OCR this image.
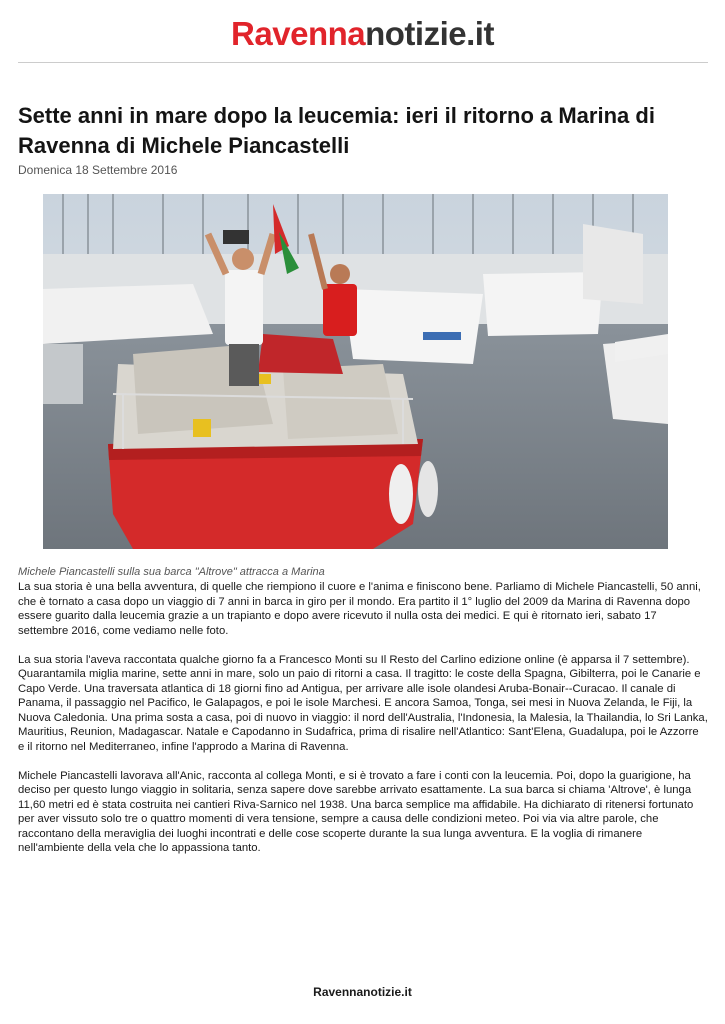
Ravennanotizie.it
Sette anni in mare dopo la leucemia: ieri il ritorno a Marina di Ravenna di Michele Piancastelli
Domenica 18 Settembre 2016
Michele Piancastelli sulla sua barca "Altrove" attracca a Marina

La sua storia è una bella avventura, di quelle che riempiono il cuore e l'anima e finiscono bene. Parliamo di Michele Piancastelli, 50 anni, che è tornato a casa dopo un viaggio di 7 anni in barca in giro per il mondo. Era partito il 1° luglio del 2009 da Marina di Ravenna dopo essere guarito dalla leucemia grazie a un trapianto e dopo avere ricevuto il nulla osta dei medici. E qui è ritornato ieri, sabato 17 settembre 2016, come vediamo nelle foto.

La sua storia l'aveva raccontata qualche giorno fa a Francesco Monti su Il Resto del Carlino edizione online (è apparsa il 7 settembre).

Quarantamila miglia marine, sette anni in mare, solo un paio di ritorni a casa. Il tragitto: le coste della Spagna, Gibilterra, poi le Canarie e Capo Verde. Una traversata atlantica di 18 giorni fino ad Antigua, per arrivare alle isole olandesi Aruba-Bonair--Curacao. Il canale di Panama, il passaggio nel Pacifico, le Galapagos, e poi le isole Marchesi. E ancora Samoa, Tonga, sei mesi in Nuova Zelanda, le Fiji, la Nuova Caledonia. Una prima sosta a casa, poi di nuovo in viaggio: il nord dell'Australia, l'Indonesia, la Malesia, la Thailandia, lo Sri Lanka, Mauritius, Reunion, Madagascar. Natale e Capodanno in Sudafrica, prima di risalire nell'Atlantico: Sant'Elena, Guadalupa, poi le Azzorre e il ritorno nel Mediterraneo, infine l'approdo a Marina di Ravenna.

Michele Piancastelli lavorava all'Anic, racconta al collega Monti, e si è trovato a fare i conti con la leucemia. Poi, dopo la guarigione, ha deciso per questo lungo viaggio in solitaria, senza sapere dove sarebbe arrivato esattamente. La sua barca si chiama 'Altrove', è lunga 11,60 metri ed è stata costruita nei cantieri Riva-Sarnico nel 1938. Una barca semplice ma affidabile. Ha dichiarato di ritenersi fortunato per aver vissuto solo tre o quattro momenti di vera tensione, sempre a causa delle condizioni meteo. Poi via via altre parole, che raccontano della meraviglia dei luoghi incontrati e delle cose scoperte durante la sua lunga avventura. E la voglia di rimanere nell'ambiente della vela che lo appassiona tanto.

Ravennanotizie.it
